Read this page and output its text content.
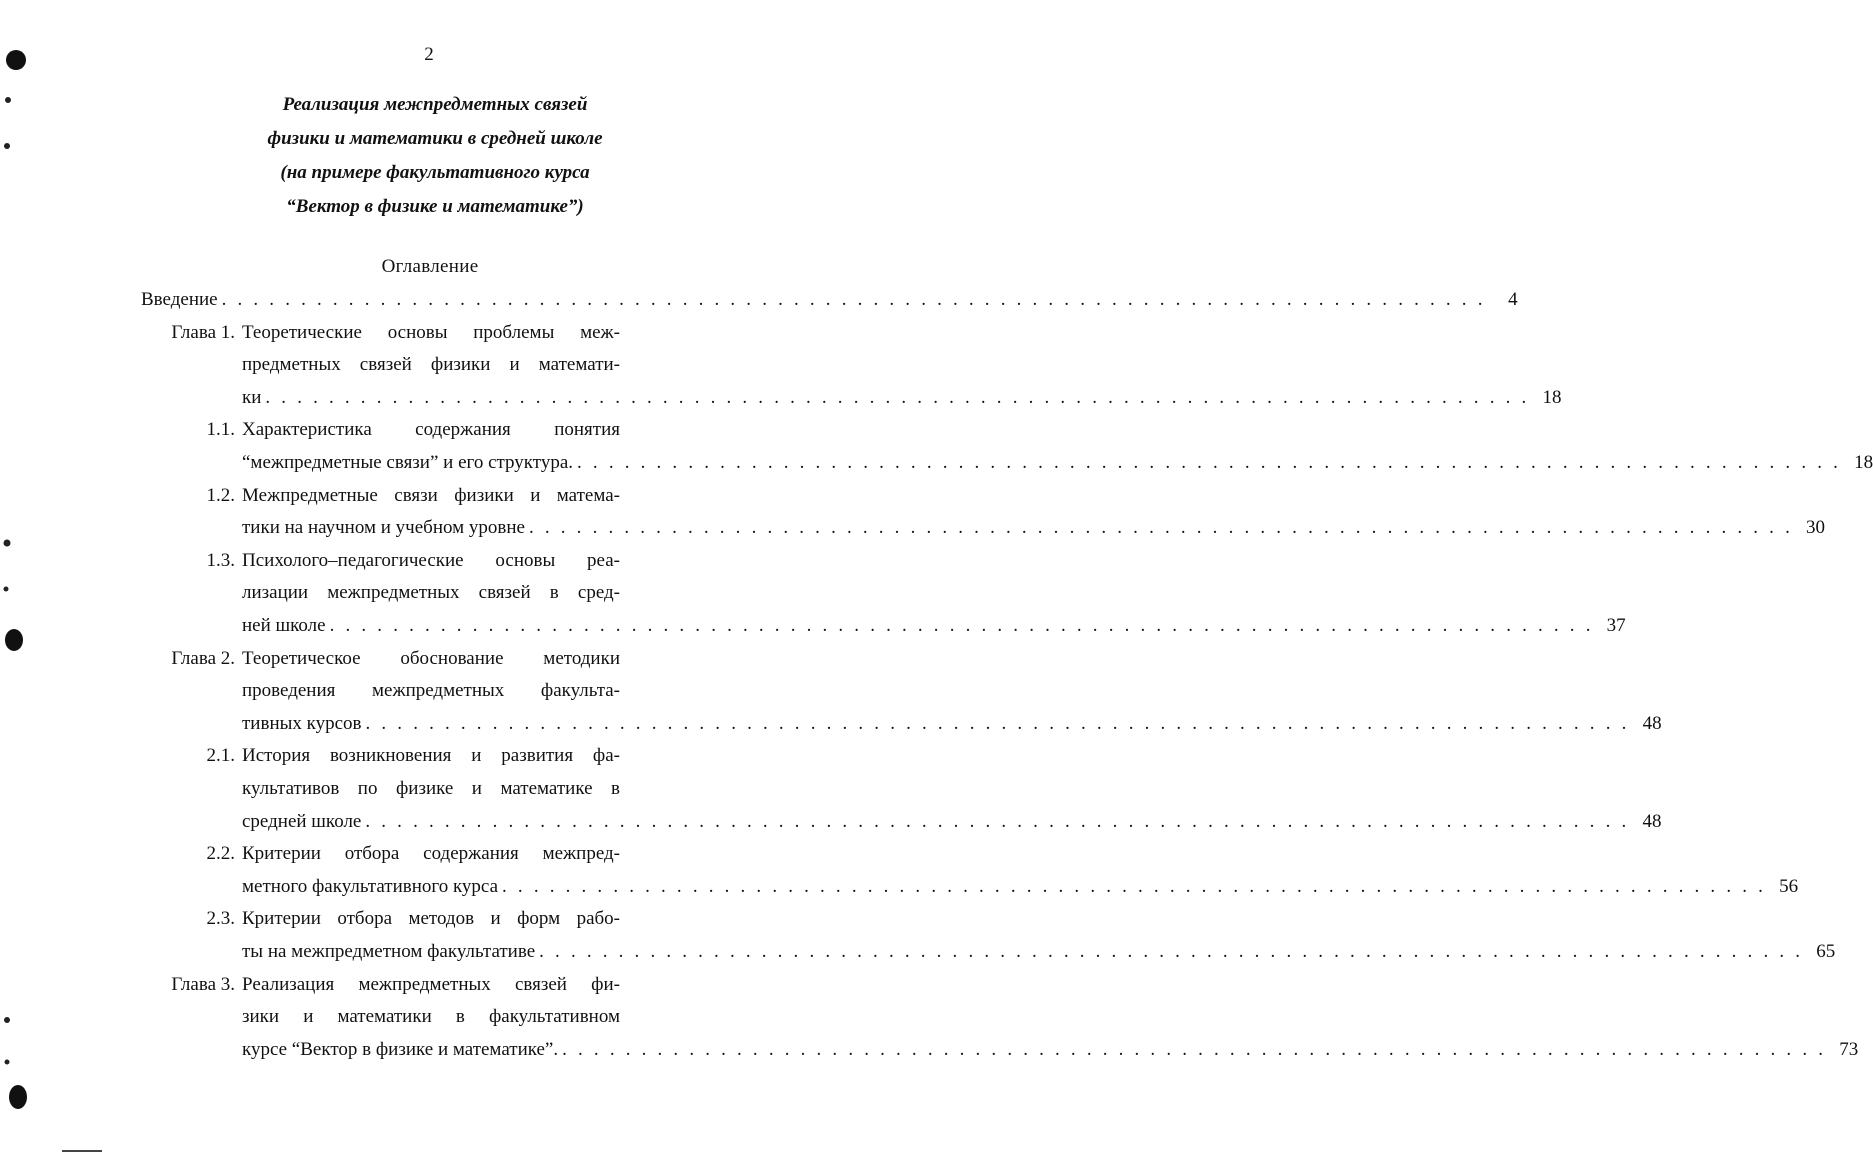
2
Реализация межпредметных связей
физики и математики в средней школе
(на примере факультативного курса
“Вектор в физике и математике”)
Оглавление
Введение . . . . . . . . . . . . . . . . . . . . . . . . . . . . . . . . . . . . . . . . . . . . . . . . . . . . . . . . . . . . . . . . . . . . . . . . . . . . . . . .	4
Глава 1. Теоретические основы проблемы меж-
предметных связей физики и математи-
ки . . . . . . . . . . . . . . . . . . . . . . . . . . . . . . . . . . . . . . . . . . . . . . . . . . . . . . . . . . . . . . . . . . . . . . . . . . . . . . . . 18
1.1. Характеристика содержания понятия
“межпредметные связи” и его структура. . . . . . . . . . . . . . . . . . . . . . . . . . . . . . . . . . . . . . . . . . . . . . . . . . . . . . . . . . . . . . . . . . . . . . . . . . . . . . . . . 18
1.2. Межпредметные связи физики и матема-
тики на научном и учебном уровне . . . . . . . . . . . . . . . . . . . . . . . . . . . . . . . . . . . . . . . . . . . . . . . . . . . . . . . . . . . . . . . . . . . . . . . . . . . . . . . . 30
1.3. Психолого–педагогические основы реа-
лизации межпредметных связей в сред-
ней школе . . . . . . . . . . . . . . . . . . . . . . . . . . . . . . . . . . . . . . . . . . . . . . . . . . . . . . . . . . . . . . . . . . . . . . . . . . . . . . . . 37
Глава 2. Теоретическое обоснование методики
проведения межпредметных факульта-
тивных курсов . . . . . . . . . . . . . . . . . . . . . . . . . . . . . . . . . . . . . . . . . . . . . . . . . . . . . . . . . . . . . . . . . . . . . . . . . . . . . . . . 48
2.1. История возникновения и развития фа-
культативов по физике и математике в
средней школе . . . . . . . . . . . . . . . . . . . . . . . . . . . . . . . . . . . . . . . . . . . . . . . . . . . . . . . . . . . . . . . . . . . . . . . . . . . . . . . . 48
2.2. Критерии отбора содержания межпред-
метного факультативного курса . . . . . . . . . . . . . . . . . . . . . . . . . . . . . . . . . . . . . . . . . . . . . . . . . . . . . . . . . . . . . . . . . . . . . . . . . . . . . . . . 56
2.3. Критерии отбора методов и форм рабо-
ты на межпредметном факультативе . . . . . . . . . . . . . . . . . . . . . . . . . . . . . . . . . . . . . . . . . . . . . . . . . . . . . . . . . . . . . . . . . . . . . . . . . . . . . . . . 65
Глава 3. Реализация межпредметных связей фи-
зики и математики в факультативном
курсе “Вектор в физике и математике”. . . . . . . . . . . . . . . . . . . . . . . . . . . . . . . . . . . . . . . . . . . . . . . . . . . . . . . . . . . . . . . . . . . . . . . . . . . . . . . . . 73
